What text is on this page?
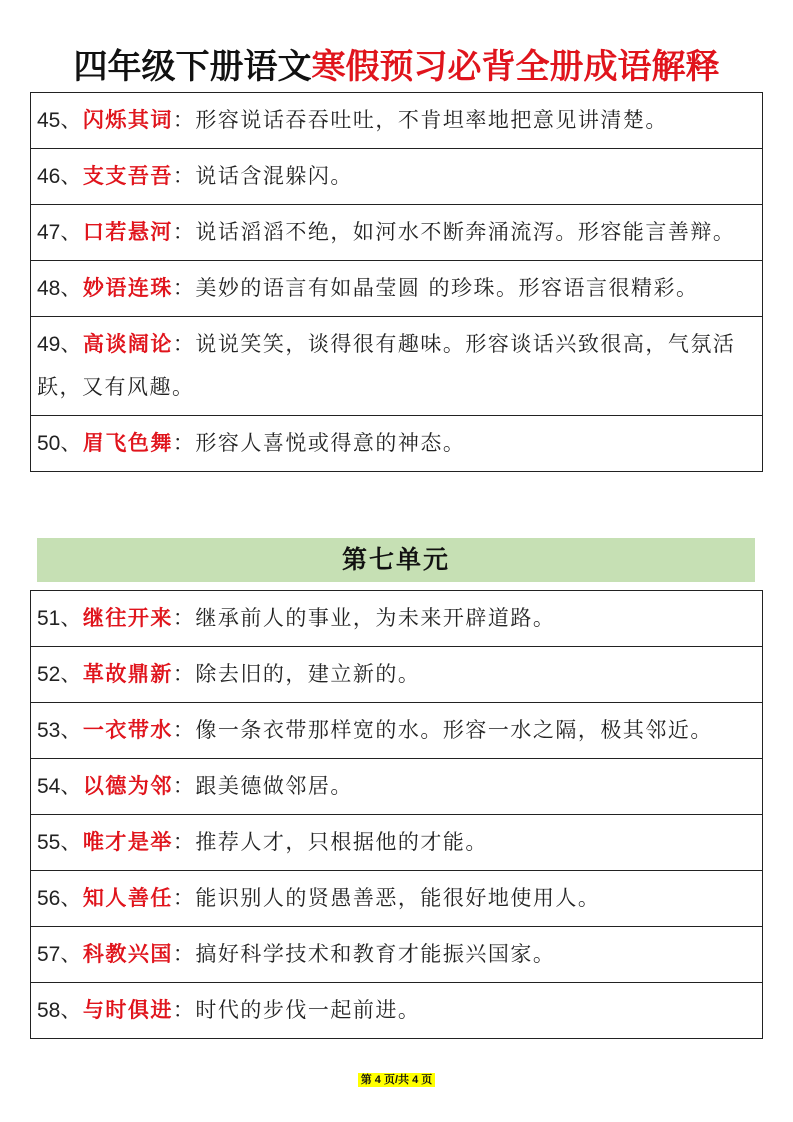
四年级下册语文寒假预习必背全册成语解释
45、闪烁其词：形容说话吞吞吐吐，不肯坦率地把意见讲清楚。
46、支支吾吾：说话含混躲闪。
47、口若悬河：说话滔滔不绝，如河水不断奔涌流泻。形容能言善辩。
48、妙语连珠：美妙的语言有如晶莹圆 的珍珠。形容语言很精彩。
49、高谈阔论：说说笑笑，谈得很有趣味。形容谈话兴致很高，气氛活跃，又有风趣。
50、眉飞色舞：形容人喜悦或得意的神态。
第七单元
51、继往开来：继承前人的事业，为未来开辟道路。
52、革故鼎新：除去旧的，建立新的。
53、一衣带水：像一条衣带那样宽的水。形容一水之隔，极其邻近。
54、以德为邻：跟美德做邻居。
55、唯才是举：推荐人才，只根据他的才能。
56、知人善任：能识别人的贤愚善恶，能很好地使用人。
57、科教兴国：搞好科学技术和教育才能振兴国家。
58、与时俱进：时代的步伐一起前进。
第 4 页/共 4 页
